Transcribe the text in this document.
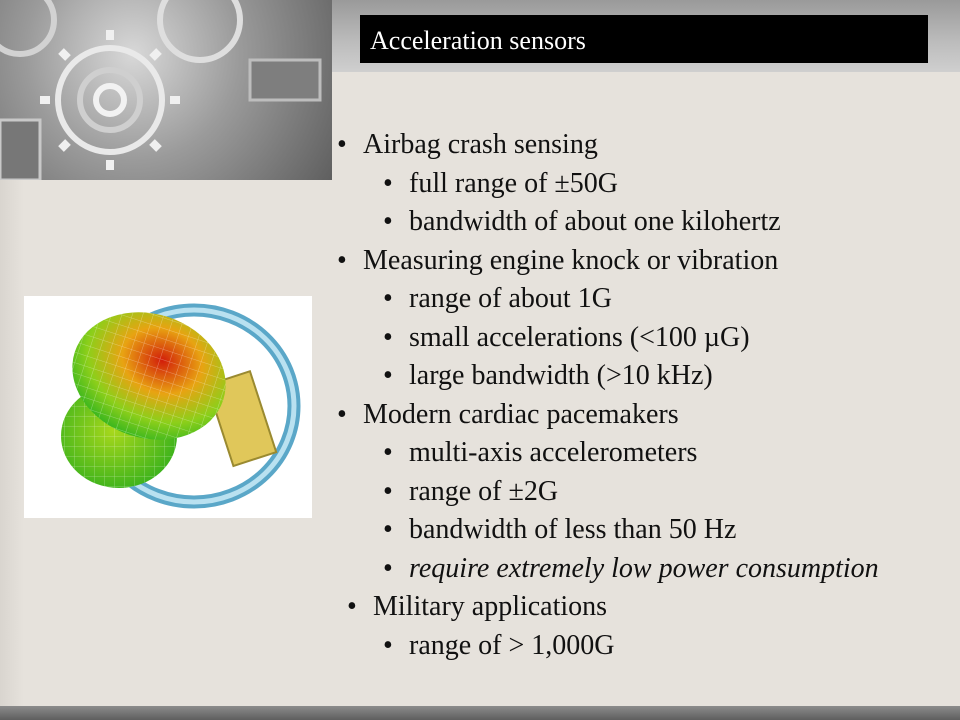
Acceleration sensors
• Airbag crash sensing
• full range of ±50G
• bandwidth of about one kilohertz
• Measuring engine knock or vibration
• range of about 1G
• small accelerations (<100 µG)
• large bandwidth (>10 kHz)
• Modern cardiac pacemakers
• multi-axis accelerometers
• range of ±2G
• bandwidth of less than 50 Hz
• require extremely low power consumption
• Military applications
• range of > 1,000G
